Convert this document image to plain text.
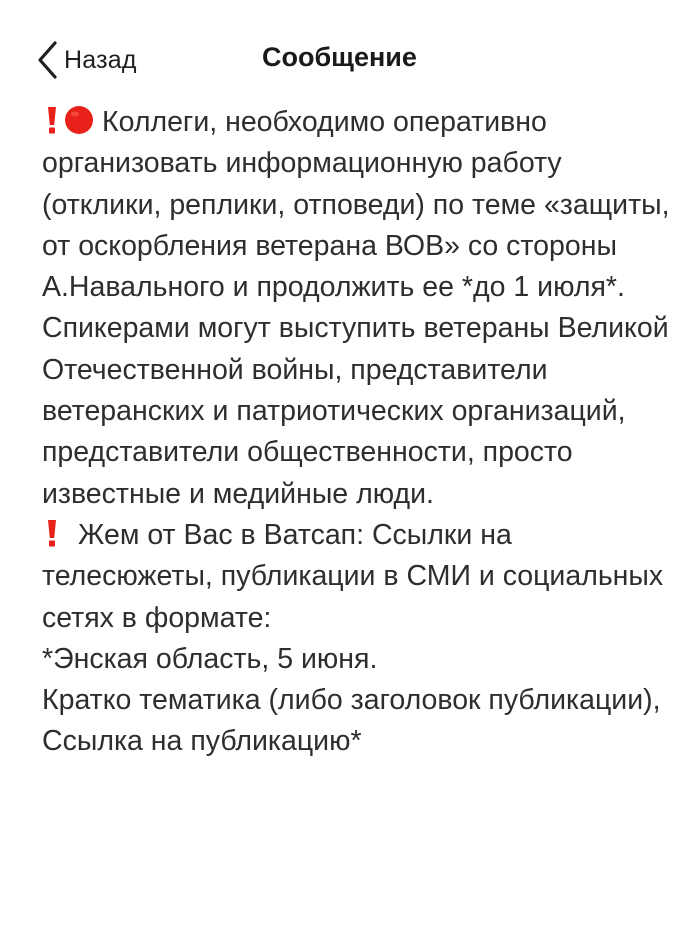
Назад	Сообщение

Коллеги, необходимо оперативно организовать информационную работу (отклики, реплики, отповеди) по теме «защиты, от оскорбления ветерана ВОВ» со стороны А.Навального и продолжить ее *до 1 июля*. Спикерами могут выступить ветераны Великой Отечественной войны, представители ветеранских и патриотических организаций, представители общественности, просто известные и медийные люди.

Жем от Вас в Ватсап: Ссылки на телесюжеты, публикации в СМИ и социальных сетях в формате:

*Энская область, 5 июня.

Кратко тематика (либо заголовок публикации), Ссылка на публикацию*
